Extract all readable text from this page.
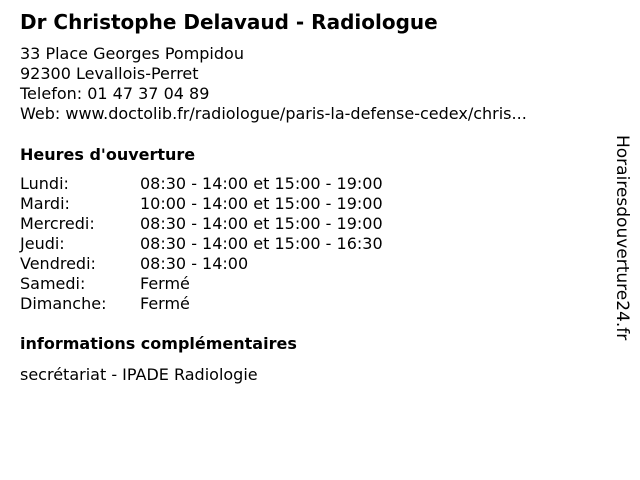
Dr Christophe Delavaud - Radiologue
33 Place Georges Pompidou
92300 Levallois-Perret
Telefon: 01 47 37 04 89
Web: www.doctolib.fr/radiologue/paris-la-defense-cedex/chris...
Heures d'ouverture
Lundi:	08:30 - 14:00 et 15:00 - 19:00
Mardi:	10:00 - 14:00 et 15:00 - 19:00
Mercredi:	08:30 - 14:00 et 15:00 - 19:00
Jeudi:	08:30 - 14:00 et 15:00 - 16:30
Vendredi:	08:30 - 14:00
Samedi:	Fermé
Dimanche:	Fermé
informations complémentaires
secrétariat - IPADE Radiologie
Horairesdouverture24.fr
